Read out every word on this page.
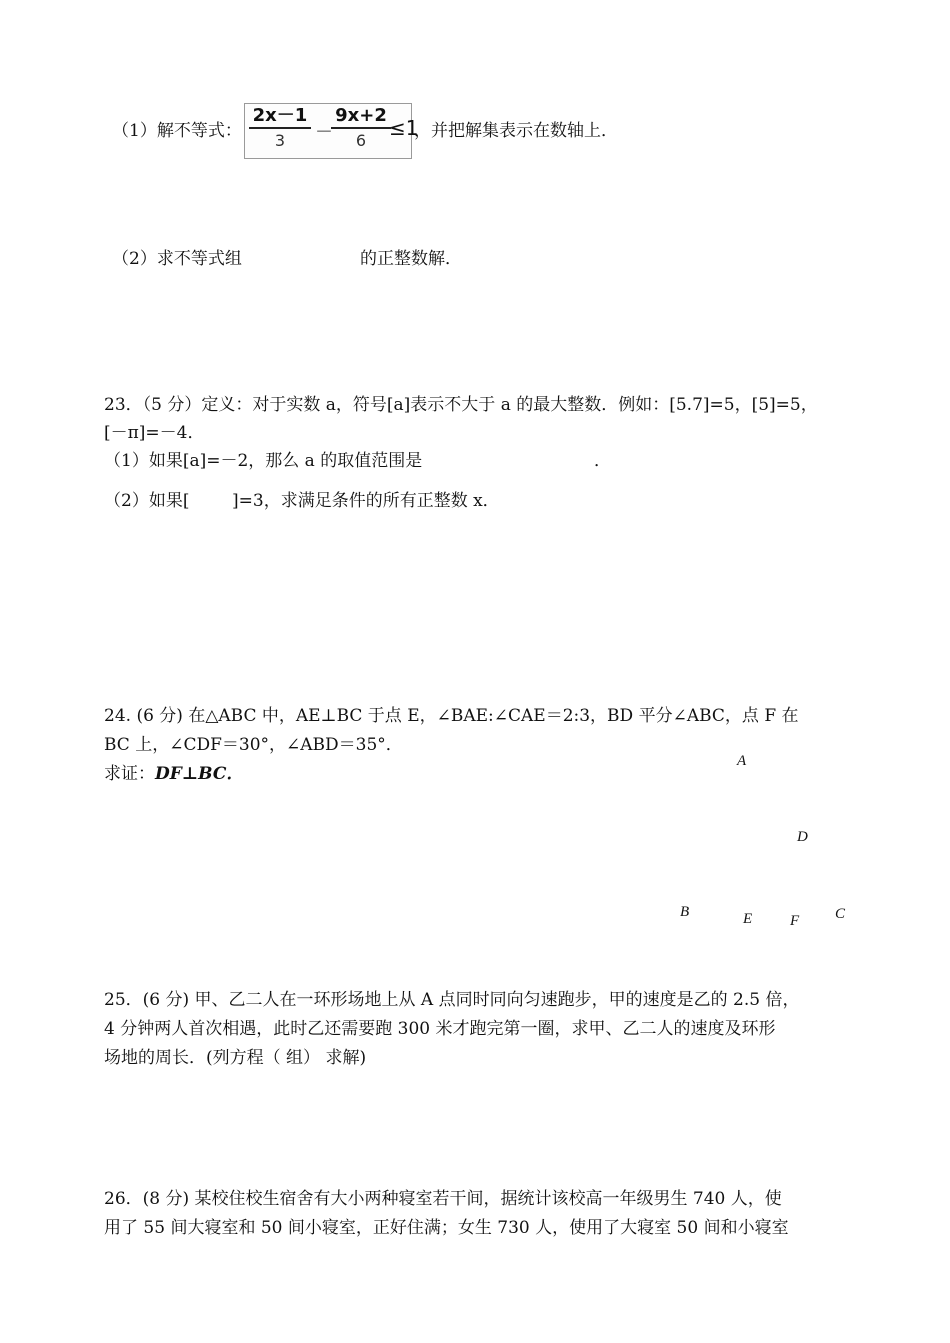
（1）解不等式： $\frac{2x-1}{3}$ －
$\frac{9x+2}{6}$
≤1
，并把解集表示在数轴上．
（2）求不等式组	的正整数解．
23．（5 分）定义：对于实数 a，符号[a]表示不大于 a 的最大整数．例如：[5.7]=5，[5]=5，
[－π]=－4．
（1）如果[a]=－2，那么 a 的取值范围是	．
（2）如果[	]=3，求满足条件的所有正整数 x．
24. (6 分) 在△ABC 中，AE⊥BC 于点 E，∠BAE:∠CAE＝2:3，BD 平分∠ABC，点 F 在
BC 上，∠CDF＝30°，∠ABD＝35°．
求证：DF⊥BC．
A
D
B	E	F C
25．(6 分) 甲、乙二人在一环形场地上从 A 点同时同向匀速跑步，甲的速度是乙的 2.5 倍，
4 分钟两人首次相遇，此时乙还需要跑 300 米才跑完第一圈，求甲、乙二人的速度及环形
场地的周长．(列方程（ 组） 求解)
26．(8 分) 某校住校生宿舍有大小两种寝室若干间，据统计该校高一年级男生 740 人，使
用了 55 间大寝室和 50 间小寝室，正好住满；女生 730 人，使用了大寝室 50 间和小寝室
